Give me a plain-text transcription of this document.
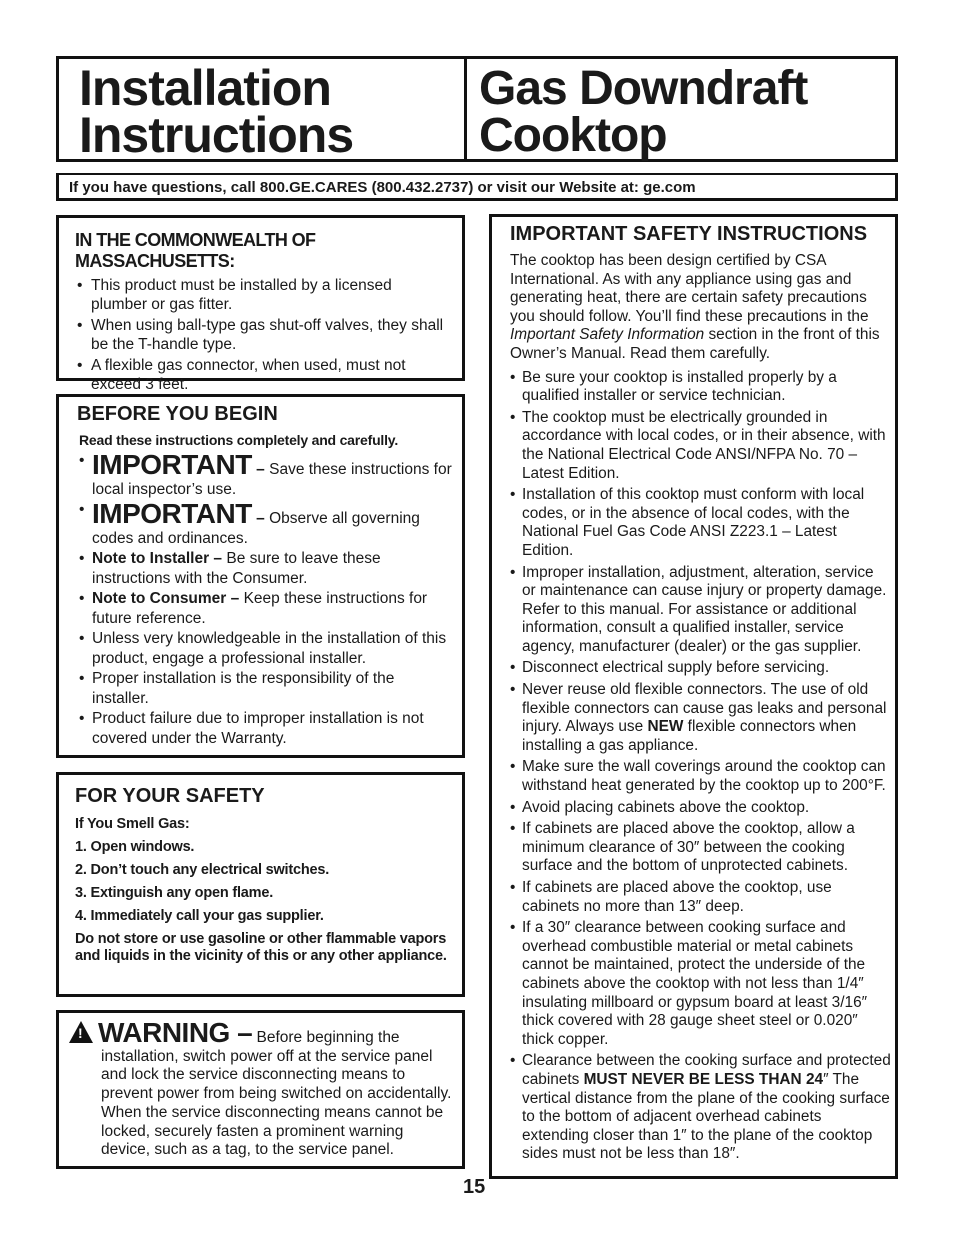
Installation
Instructions
Gas Downdraft
Cooktop
If you have questions, call 800.GE.CARES (800.432.2737) or visit our Website at: ge.com
IN THE COMMONWEALTH OF MASSACHUSETTS:
• This product must be installed by a licensed plumber or gas fitter.
• When using ball-type gas shut-off valves, they shall be the T-handle type.
• A flexible gas connector, when used, must not exceed 3 feet.
BEFORE YOU BEGIN
Read these instructions completely and carefully.
• IMPORTANT – Save these instructions for local inspector’s use.
• IMPORTANT – Observe all governing codes and ordinances.
• Note to Installer – Be sure to leave these instructions with the Consumer.
• Note to Consumer – Keep these instructions for future reference.
• Unless very knowledgeable in the installation of this product, engage a professional installer.
• Proper installation is the responsibility of the installer.
• Product failure due to improper installation is not covered under the Warranty.
FOR YOUR SAFETY

If You Smell Gas:

1. Open windows.

2. Don’t touch any electrical switches.

3. Extinguish any open flame.

4. Immediately call your gas supplier.

Do not store or use gasoline or other flammable vapors and liquids in the vicinity of this or any other appliance.

! WARNING – Before beginning the
installation, switch power off at the service panel and lock the service disconnecting means to prevent power from being switched on accidentally. When the service disconnecting means cannot be locked, securely fasten a prominent warning device, such as a tag, to the service panel.
IMPORTANT SAFETY INSTRUCTIONS

The cooktop has been design certified by CSA International. As with any appliance using gas and generating heat, there are certain safety precautions you should follow. You’ll find these precautions in the Important Safety Information section in the front of this Owner’s Manual. Read them carefully.

• Be sure your cooktop is installed properly by a qualified installer or service technician.
• The cooktop must be electrically grounded in accordance with local codes, or in their absence, with the National Electrical Code ANSI/NFPA No. 70 – Latest Edition.
• Installation of this cooktop must conform with local codes, or in the absence of local codes, with the National Fuel Gas Code ANSI Z223.1 – Latest Edition.
• Improper installation, adjustment, alteration, service or maintenance can cause injury or property damage. Refer to this manual. For assistance or additional information, consult a qualified installer, service agency, manufacturer (dealer) or the gas supplier.
• Disconnect electrical supply before servicing.
• Never reuse old flexible connectors. The use of old flexible connectors can cause gas leaks and personal injury. Always use NEW flexible connectors when installing a gas appliance.
• Make sure the wall coverings around the cooktop can withstand heat generated by the cooktop up to 200°F.
• Avoid placing cabinets above the cooktop.
• If cabinets are placed above the cooktop, allow a minimum clearance of 30″ between the cooking surface and the bottom of unprotected cabinets.
• If cabinets are placed above the cooktop, use cabinets no more than 13″ deep.
• If a 30″ clearance between cooking surface and overhead combustible material or metal cabinets cannot be maintained, protect the underside of the cabinets above the cooktop with not less than 1/4″ insulating millboard or gypsum board at least 3/16″ thick covered with 28 gauge sheet steel or 0.020″ thick copper.
• Clearance between the cooking surface and protected cabinets MUST NEVER BE LESS THAN 24″ The vertical distance from the plane of the cooking surface to the bottom of adjacent overhead cabinets extending closer than 1″ to the plane of the cooktop sides must not be less than 18″.
15
